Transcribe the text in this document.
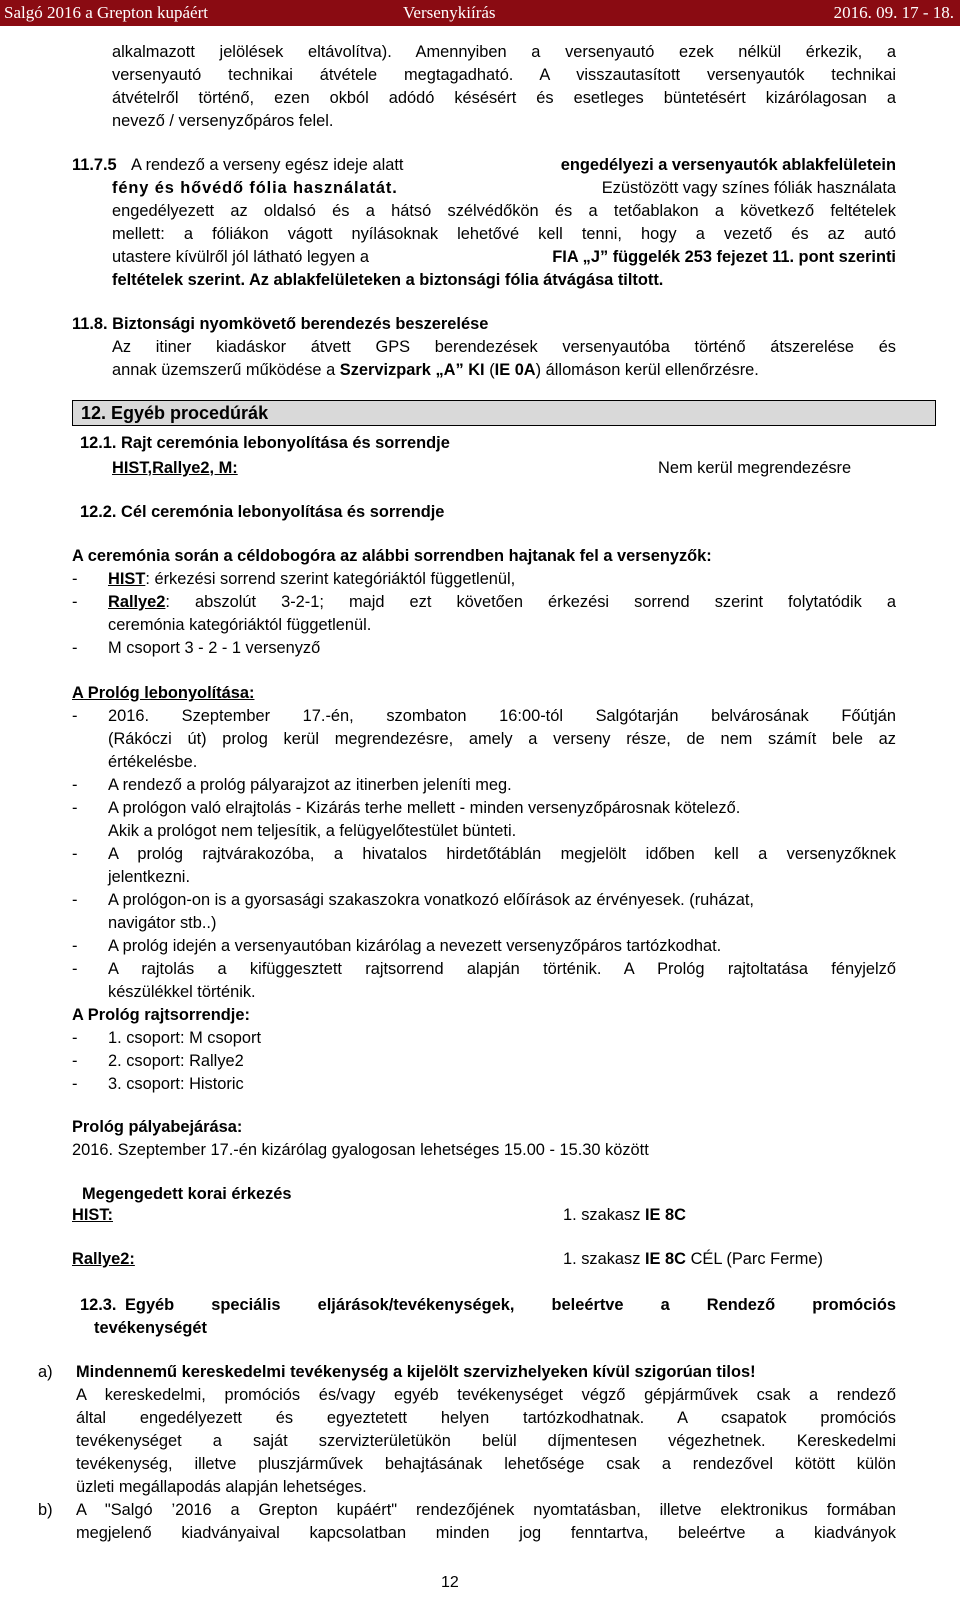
Salgó 2016 a Grepton kupáért	Versenykiírás	2016. 09. 17 - 18.
alkalmazott jelölések eltávolítva). Amennyiben a versenyautó ezek nélkül érkezik, a
versenyautó technikai átvétele megtagadható. A visszautasított versenyautók technikai
átvételről történő, ezen okból adódó késésért és esetleges büntetésért kizárólagosan a
nevező / versenyzőpáros felel.
11.7.5 A rendező a verseny egész ideje alatt	engedélyezi a versenyautók ablakfelületein
fény és hővédő fólia használatát.	Ezüstözött vagy színes fóliák használata
engedélyezett az oldalsó és a hátsó szélvédőkön és a tetőablakon a következő feltételek
mellett: a fóliákon vágott nyílásoknak lehetővé kell tenni, hogy a vezető és az autó
utastere kívülről jól látható legyen a	FIA „J” függelék 253 fejezet 11. pont szerinti
feltételek szerint. Az ablakfelületeken a biztonsági fólia átvágása tiltott.
11.8. Biztonsági nyomkövető berendezés beszerelése
Az itiner kiadáskor átvett GPS berendezések versenyautóba történő átszerelése és
annak üzemszerű működése a Szervizpark „A” KI (IE 0A) állomáson kerül ellenőrzésre.
12. Egyéb procedúrák
12.1. Rajt ceremónia lebonyolítása és sorrendje
HIST,Rallye2, M:	Nem kerül megrendezésre
12.2. Cél ceremónia lebonyolítása és sorrendje
A ceremónia során a céldobogóra az alábbi sorrendben hajtanak fel a versenyzők:
- HIST: érkezési sorrend szerint kategóriáktól függetlenül,
- Rallye2: abszolút 3-2-1; majd ezt követően érkezési sorrend szerint folytatódik a
ceremónia kategóriáktól függetlenül.
- M csoport 3 - 2 - 1 versenyző
A Prológ lebonyolítása:
- 2016. Szeptember 17.-én, szombaton 16:00-tól Salgótarján belvárosának Főútján
(Rákóczi út) prolog kerül megrendezésre, amely a verseny része, de nem számít bele az
értékelésbe.
- A rendező a prológ pályarajzot az itinerben jeleníti meg.
- A prológon való elrajtolás - Kizárás terhe mellett - minden versenyzőpárosnak kötelező.
Akik a prológot nem teljesítik, a felügyelőtestület bünteti.
- A prológ rajtvárakozóba, a hivatalos hirdetőtáblán megjelölt időben kell a versenyzőknek
jelentkezni.
- A prológon-on is a gyorsasági szakaszokra vonatkozó előírások az érvényesek. (ruházat,
navigátor stb..)
- A prológ idején a versenyautóban kizárólag a nevezett versenyzőpáros tartózkodhat.
- A rajtolás a kifüggesztett rajtsorrend alapján történik. A Prológ rajtoltatása fényjelző
készülékkel történik.
A Prológ rajtsorrendje:
- 1. csoport: M csoport
- 2. csoport: Rallye2
- 3. csoport: Historic
Prológ pályabejárása:
2016. Szeptember 17.-én kizárólag gyalogosan lehetséges 15.00 - 15.30 között
Megengedett korai érkezés
HIST:	1. szakasz IE 8C
Rallye2:	1. szakasz IE 8C CÉL (Parc Ferme)
12.3. Egyéb speciális eljárások/tevékenységek, beleértve a Rendező promóciós
tevékenységét
a) Mindennemű kereskedelmi tevékenység a kijelölt szervizhelyeken kívül szigorúan tilos!
A kereskedelmi, promóciós és/vagy egyéb tevékenységet végző gépjárművek csak a rendező
által engedélyezett és egyeztetett helyen tartózkodhatnak. A csapatok promóciós
tevékenységet a saját szervizterületükön belül díjmentesen végezhetnek. Kereskedelmi
tevékenység, illetve pluszjárművek behajtásának lehetősége csak a rendezővel kötött külön
üzleti megállapodás alapján lehetséges.
b) A "Salgó ’2016 a Grepton kupáért" rendezőjének nyomtatásban, illetve elektronikus formában
megjelenő kiadványaival kapcsolatban minden jog fenntartva, beleértve a kiadványok
12
